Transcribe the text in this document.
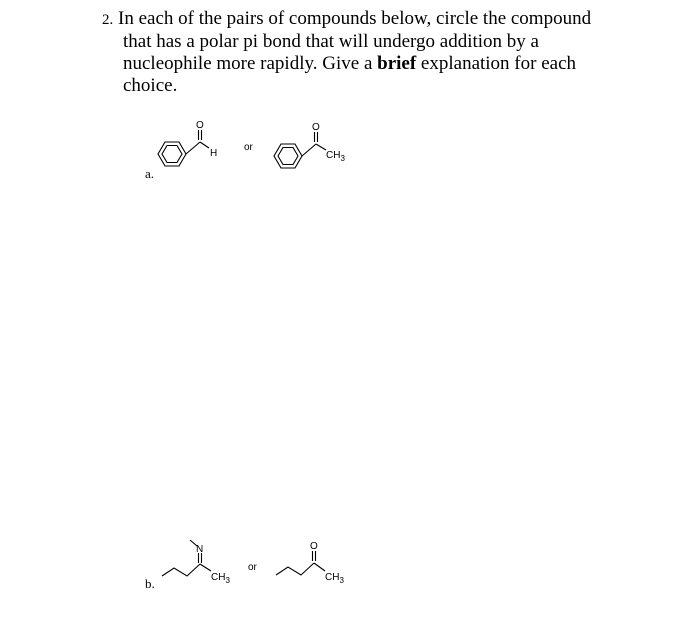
2. In each of the pairs of compounds below, circle the compound
that has a polar pi bond that will undergo addition by a
nucleophile more rapidly. Give a brief explanation for each
choice.
a.
b.
O
H
or
O
$CH_3$
N
$CH_3$
or
O
$CH_3$
